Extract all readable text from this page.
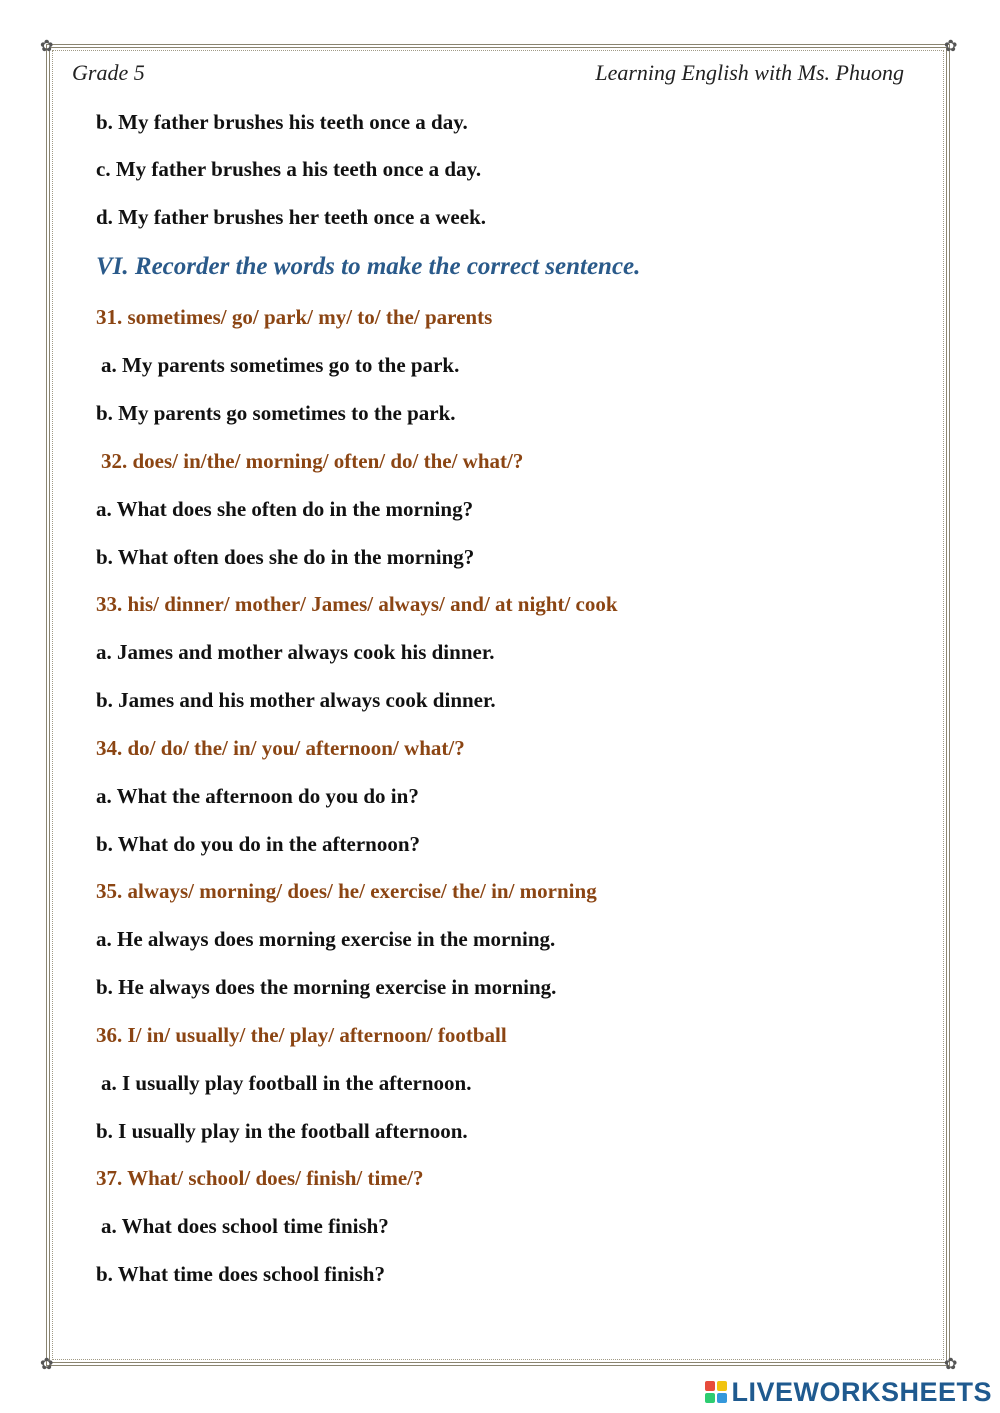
✿	✿
✿	✿
Grade 5	Learning English with Ms. Phuong
b. My father brushes his teeth once a day.
c. My father brushes a his teeth once a day.
d. My father brushes her teeth once a week.
VI. Recorder the words to make the correct sentence.
31. sometimes/ go/ park/ my/ to/ the/ parents
a. My parents sometimes go to the park.
b. My parents go sometimes to the park.
32. does/ in/the/ morning/ often/ do/ the/ what/?
a. What does she often do in the morning?
b. What often does she do in the morning?
33. his/ dinner/ mother/ James/ always/ and/ at night/ cook
a. James and mother always cook his dinner.
b. James and his mother always cook dinner.
34. do/ do/ the/ in/ you/ afternoon/ what/?
a. What the afternoon do you do in?
b. What do you do in the afternoon?
35. always/ morning/ does/ he/ exercise/ the/ in/ morning
a. He always does morning exercise in the morning.
b. He always does the morning exercise in morning.
36. I/ in/ usually/ the/ play/ afternoon/ football
a. I usually play football in the afternoon.
b. I usually play in the football afternoon.
37. What/ school/ does/ finish/ time/?
a. What does school time finish?
b. What time does school finish?
LIVEWORKSHEETS
